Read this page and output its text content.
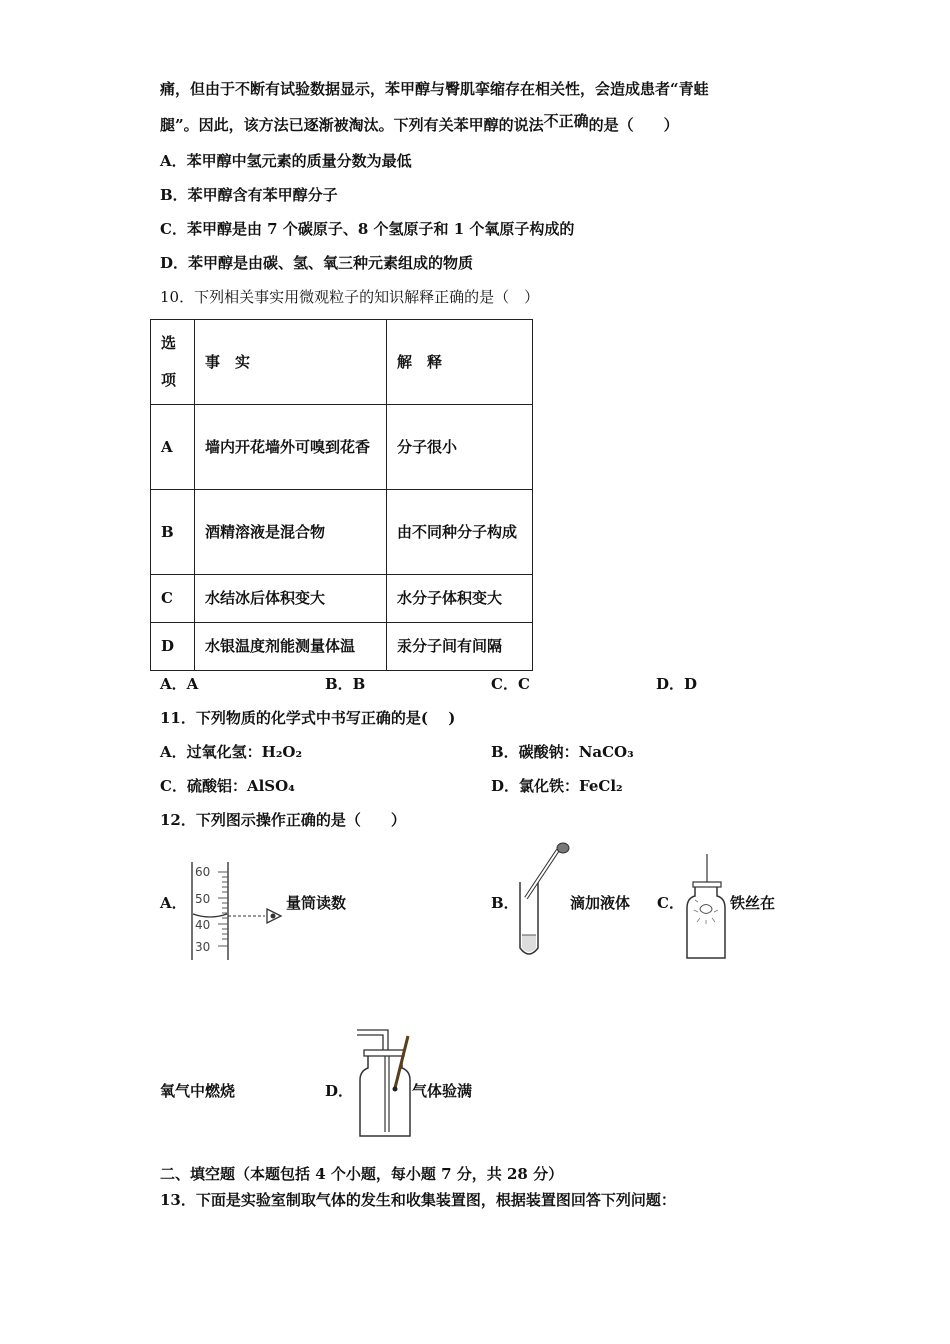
痛，但由于不断有试验数据显示，苯甲醇与臀肌挛缩存在相关性，会造成患者“青蛙
腿”。因此，该方法已逐渐被淘汰。下列有关苯甲醇的说法不正确的是（　　）
A．苯甲醇中氢元素的质量分数为最低
B．苯甲醇含有苯甲醇分子
C．苯甲醇是由 7 个碳原子、8 个氢原子和 1 个氧原子构成的
D．苯甲醇是由碳、氢、氧三种元素组成的物质
10．下列相关事实用微观粒子的知识解释正确的是（　）
选项	事　实	解　释
A	墙内开花墙外可嗅到花香	分子很小
B	酒精溶液是混合物	由不同种分子构成
C	水结冰后体积变大	水分子体积变大
D	水银温度剂能测量体温	汞分子间有间隔
A．A	B．B	C．C	D．D
11．下列物质的化学式中书写正确的是(　 )
A．过氧化氢：H₂O₂	B．碳酸钠：NaCO₃
C．硫酸铝：AlSO₄	D．氯化铁：FeCl₂
12．下列图示操作正确的是（　　）
A．
60
50
40
30
量筒读数	B．	滴加液体 C．	铁丝在
氧气中燃烧	D．	气体验满
二、填空题（本题包括 4 个小题，每小题 7 分，共 28 分）
13．下面是实验室制取气体的发生和收集装置图，根据装置图回答下列问题：
